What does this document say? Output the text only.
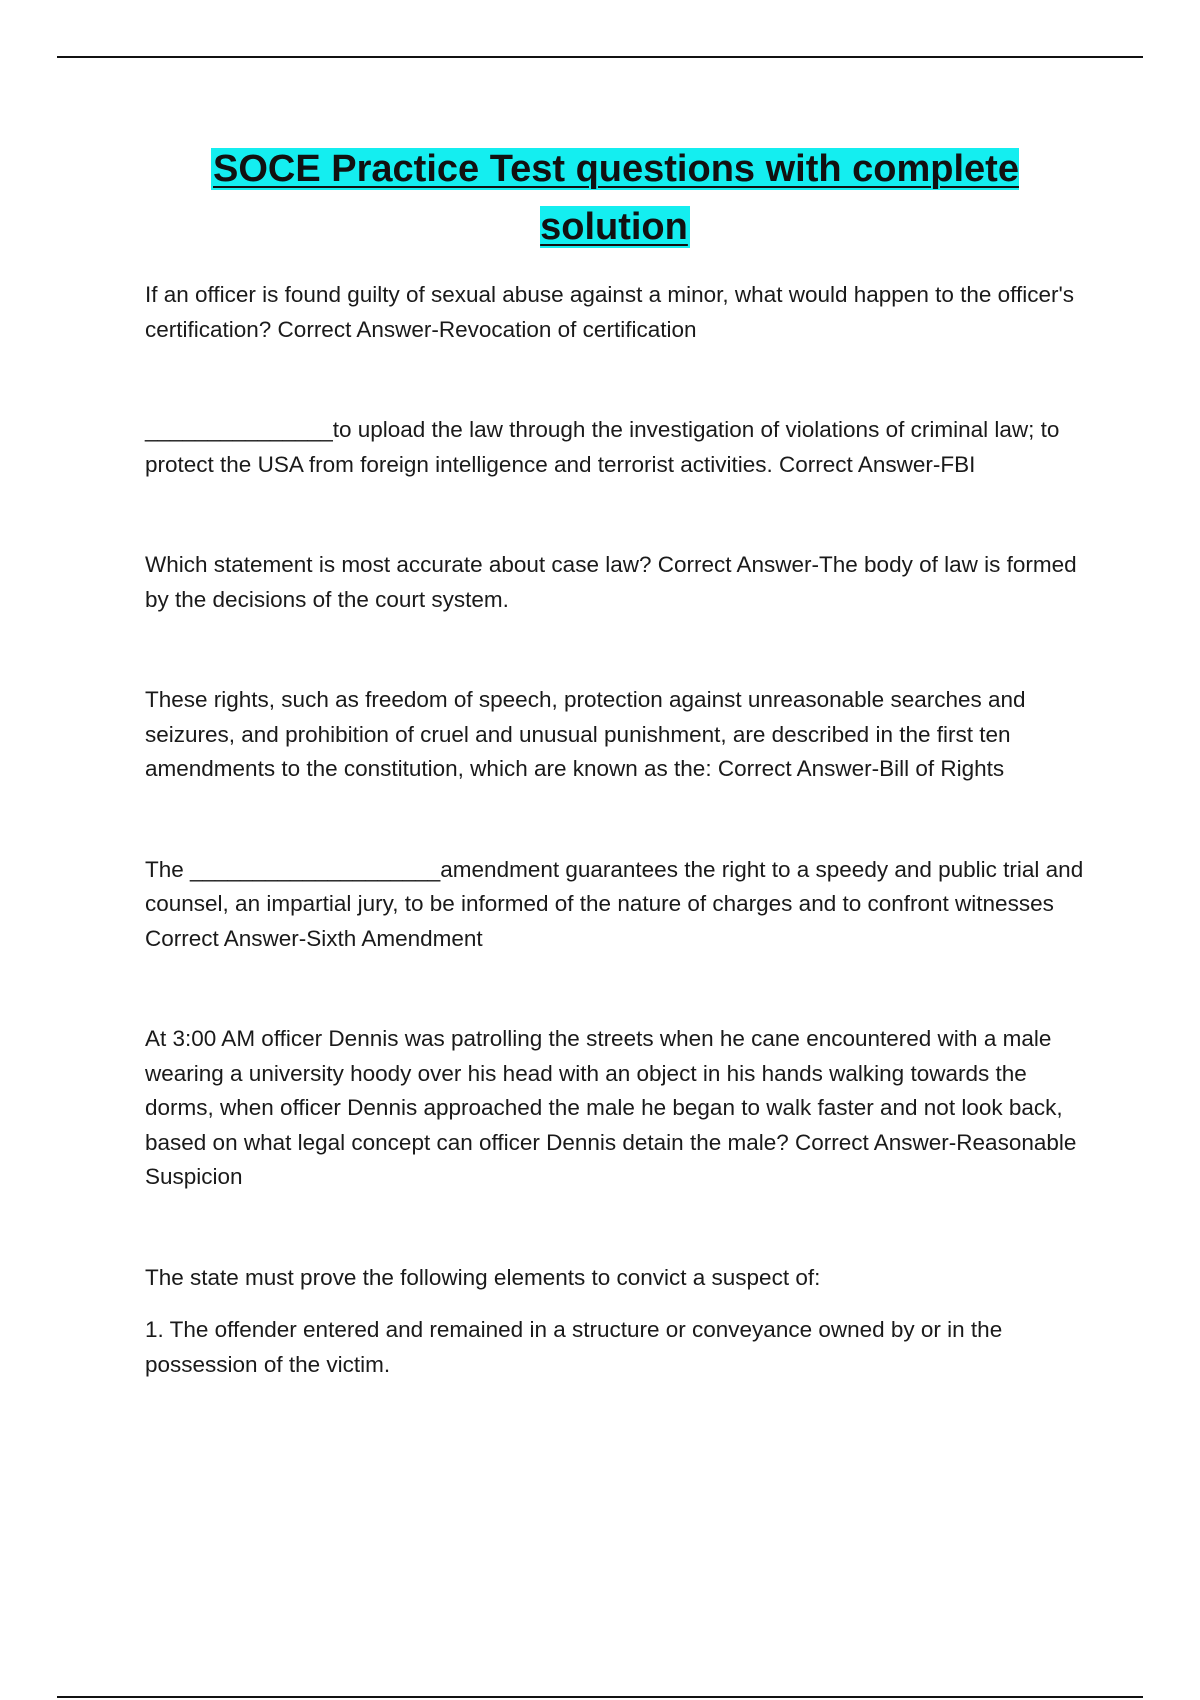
SOCE Practice Test questions with complete solution

If an officer is found guilty of sexual abuse against a minor, what would happen to the officer's certification? Correct Answer-Revocation of certification

_______________to upload the law through the investigation of violations of criminal law; to protect the USA from foreign intelligence and terrorist activities. Correct Answer-FBI

Which statement is most accurate about case law? Correct Answer-The body of law is formed by the decisions of the court system.

These rights, such as freedom of speech, protection against unreasonable searches and seizures, and prohibition of cruel and unusual punishment, are described in the first ten amendments to the constitution, which are known as the: Correct Answer-Bill of Rights

The ____________________amendment guarantees the right to a speedy and public trial and counsel, an impartial jury, to be informed of the nature of charges and to confront witnesses Correct Answer-Sixth Amendment

At 3:00 AM officer Dennis was patrolling the streets when he cane encountered with a male wearing a university hoody over his head with an object in his hands walking towards the dorms, when officer Dennis approached the male he began to walk faster and not look back, based on what legal concept can officer Dennis detain the male? Correct Answer-Reasonable Suspicion

The state must prove the following elements to convict a suspect of:

1. The offender entered and remained in a structure or conveyance owned by or in the possession of the victim.
